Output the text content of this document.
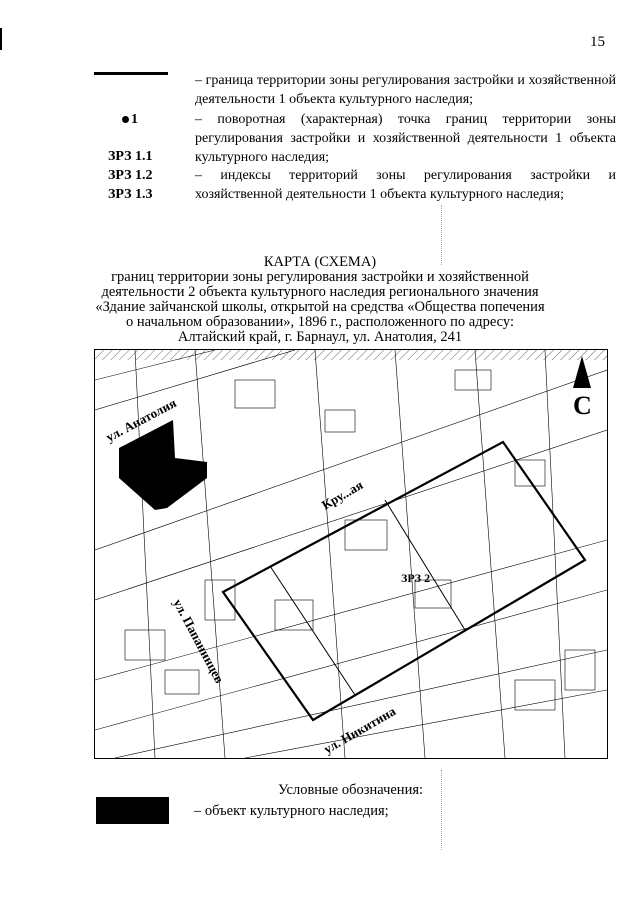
15
– граница территории зоны регулирования застройки и хозяйственной деятельности 1 объекта культурного наследия;
1	– поворотная (характерная) точка границ территории зоны регулирования застройки и хозяйственной деятельности 1 объекта культурного наследия;
ЗРЗ 1.1
ЗРЗ 1.2
ЗРЗ 1.3
– индексы территорий зоны регулирования застройки и хозяйственной деятельности 1 объекта культурного наследия;
КАРТА (СХЕМА)
границ территории зоны регулирования застройки и хозяйственной
деятельности 2 объекта культурного наследия регионального значения
«Здание зайчанской школы, открытой на средства «Общества попечения
о начальном образовании», 1896 г., расположенного по адресу:
Алтайский край, г. Барнаул, ул. Анатолия, 241
С
ЗРЗ 2
ул. Анатолия
Кру...ая
ул. Никитина
ул. Папанинцев
Условные обозначения:
– объект культурного наследия;
